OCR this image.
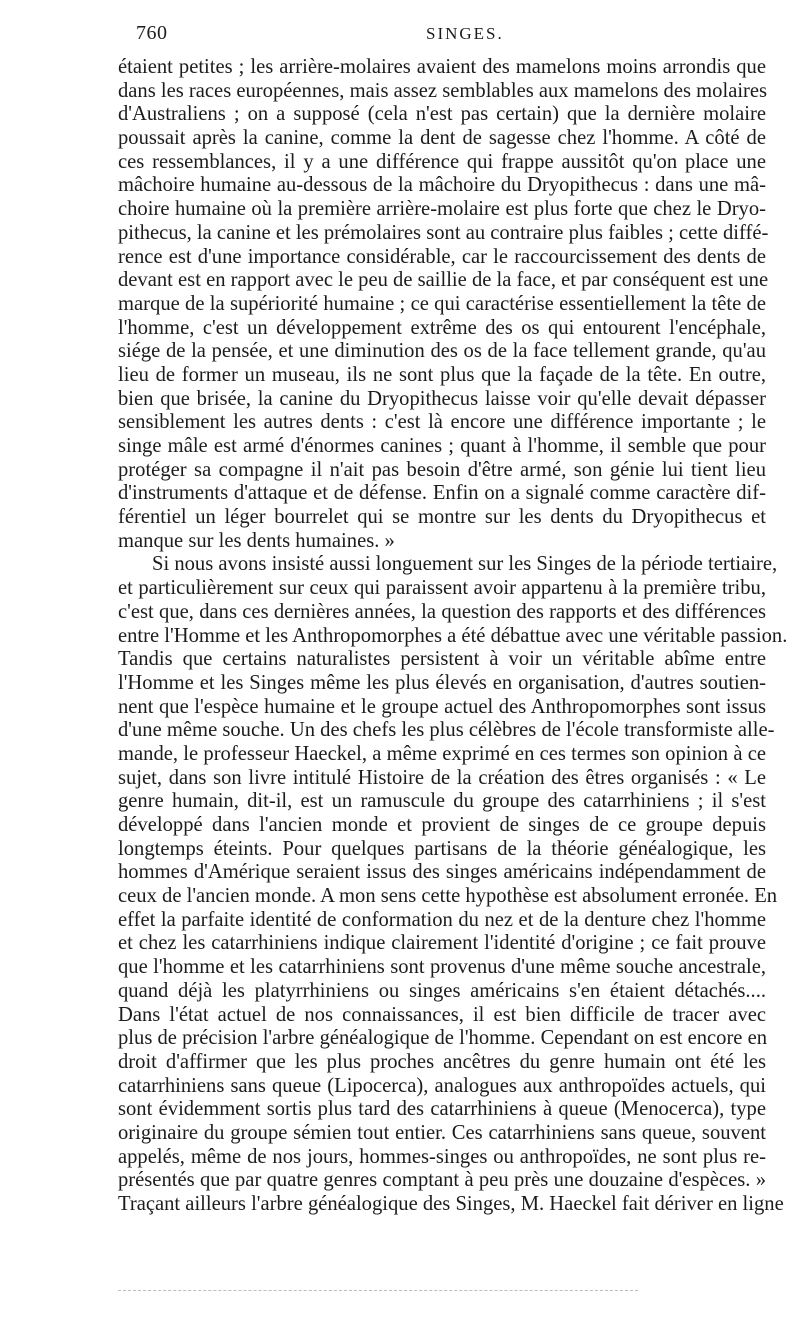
760	SINGES.
étaient petites ; les arrière-molaires avaient des mamelons moins arrondis que
dans les races européennes, mais assez semblables aux mamelons des molaires
d'Australiens ; on a supposé (cela n'est pas certain) que la dernière molaire
poussait après la canine, comme la dent de sagesse chez l'homme. A côté de
ces ressemblances, il y a une différence qui frappe aussitôt qu'on place une
mâchoire humaine au-dessous de la mâchoire du Dryopithecus : dans une mâ-
choire humaine où la première arrière-molaire est plus forte que chez le Dryo-
pithecus, la canine et les prémolaires sont au contraire plus faibles ; cette diffé-
rence est d'une importance considérable, car le raccourcissement des dents de
devant est en rapport avec le peu de saillie de la face, et par conséquent est une
marque de la supériorité humaine ; ce qui caractérise essentiellement la tête de
l'homme, c'est un développement extrême des os qui entourent l'encéphale,
siége de la pensée, et une diminution des os de la face tellement grande, qu'au
lieu de former un museau, ils ne sont plus que la façade de la tête. En outre,
bien que brisée, la canine du Dryopithecus laisse voir qu'elle devait dépasser
sensiblement les autres dents : c'est là encore une différence importante ; le
singe mâle est armé d'énormes canines ; quant à l'homme, il semble que pour
protéger sa compagne il n'ait pas besoin d'être armé, son génie lui tient lieu
d'instruments d'attaque et de défense. Enfin on a signalé comme caractère dif-
férentiel un léger bourrelet qui se montre sur les dents du Dryopithecus et
manque sur les dents humaines. »
Si nous avons insisté aussi longuement sur les Singes de la période tertiaire,
et particulièrement sur ceux qui paraissent avoir appartenu à la première tribu,
c'est que, dans ces dernières années, la question des rapports et des différences
entre l'Homme et les Anthropomorphes a été débattue avec une véritable passion.
Tandis que certains naturalistes persistent à voir un véritable abîme entre
l'Homme et les Singes même les plus élevés en organisation, d'autres soutien-
nent que l'espèce humaine et le groupe actuel des Anthropomorphes sont issus
d'une même souche. Un des chefs les plus célèbres de l'école transformiste alle-
mande, le professeur Haeckel, a même exprimé en ces termes son opinion à ce
sujet, dans son livre intitulé Histoire de la création des êtres organisés : « Le
genre humain, dit-il, est un ramuscule du groupe des catarrhiniens ; il s'est
développé dans l'ancien monde et provient de singes de ce groupe depuis
longtemps éteints. Pour quelques partisans de la théorie généalogique, les
hommes d'Amérique seraient issus des singes américains indépendamment de
ceux de l'ancien monde. A mon sens cette hypothèse est absolument erronée. En
effet la parfaite identité de conformation du nez et de la denture chez l'homme
et chez les catarrhiniens indique clairement l'identité d'origine ; ce fait prouve
que l'homme et les catarrhiniens sont provenus d'une même souche ancestrale,
quand déjà les platyrrhiniens ou singes américains s'en étaient détachés....
Dans l'état actuel de nos connaissances, il est bien difficile de tracer avec
plus de précision l'arbre généalogique de l'homme. Cependant on est encore en
droit d'affirmer que les plus proches ancêtres du genre humain ont été les
catarrhiniens sans queue (Lipocerca), analogues aux anthropoïdes actuels, qui
sont évidemment sortis plus tard des catarrhiniens à queue (Menocerca), type
originaire du groupe sémien tout entier. Ces catarrhiniens sans queue, souvent
appelés, même de nos jours, hommes-singes ou anthropoïdes, ne sont plus re-
présentés que par quatre genres comptant à peu près une douzaine d'espèces. »
Traçant ailleurs l'arbre généalogique des Singes, M. Haeckel fait dériver en ligne
